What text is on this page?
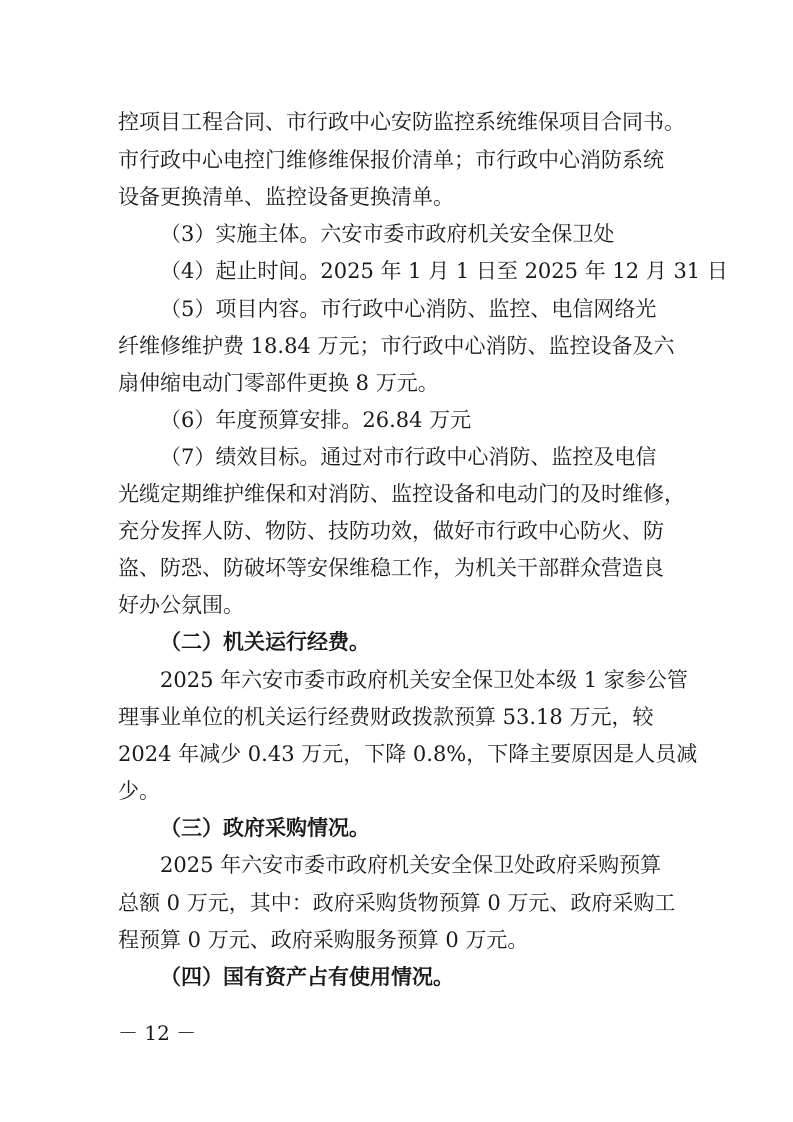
控项目工程合同、市行政中心安防监控系统维保项目合同书。
市行政中心电控门维修维保报价清单；市行政中心消防系统
设备更换清单、监控设备更换清单。
（3）实施主体。六安市委市政府机关安全保卫处
（4）起止时间。2025 年 1 月 1 日至 2025 年 12 月 31 日
（5）项目内容。市行政中心消防、监控、电信网络光
纤维修维护费 18.84 万元；市行政中心消防、监控设备及六
扇伸缩电动门零部件更换 8 万元。
（6）年度预算安排。26.84 万元
（7）绩效目标。通过对市行政中心消防、监控及电信
光缆定期维护维保和对消防、监控设备和电动门的及时维修，
充分发挥人防、物防、技防功效，做好市行政中心防火、防
盗、防恐、防破坏等安保维稳工作，为机关干部群众营造良
好办公氛围。
（二）机关运行经费。
2025 年六安市委市政府机关安全保卫处本级 1 家参公管
理事业单位的机关运行经费财政拨款预算 53.18 万元，较
2024 年减少 0.43 万元，下降 0.8%，下降主要原因是人员减
少。
（三）政府采购情况。
2025 年六安市委市政府机关安全保卫处政府采购预算
总额 0 万元，其中：政府采购货物预算 0 万元、政府采购工
程预算 0 万元、政府采购服务预算 0 万元。
（四）国有资产占有使用情况。
－ 12 －
